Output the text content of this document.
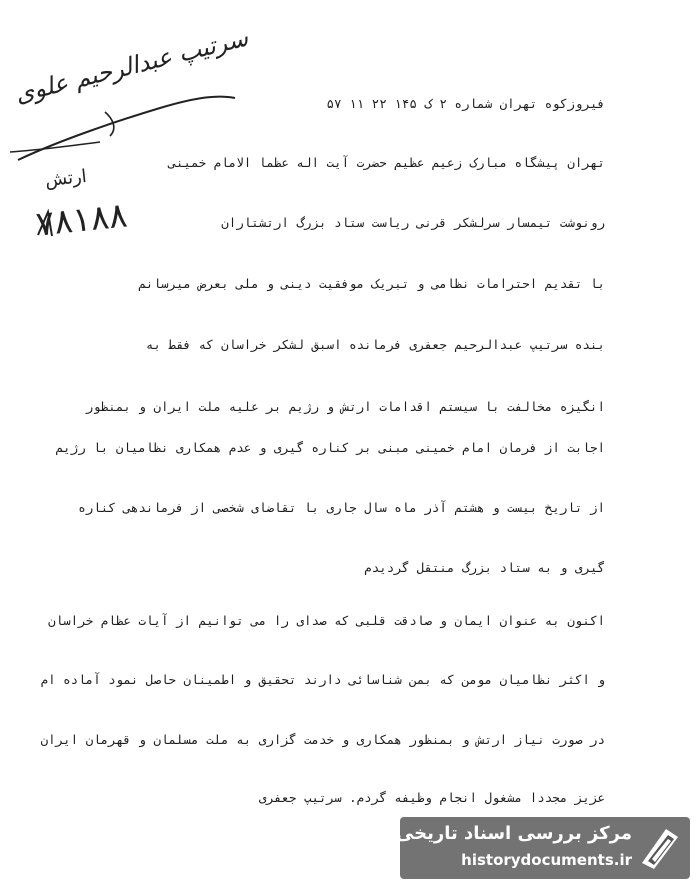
سرتیپ عبدالرحیم علوی
ارتش
۷۸۱۸۸
فیروزکوه تهران شماره ۲ ک ۱۴۵ ۲۲ ۱۱ ۵۷
تهران پیشگاه مبارک زعیم عظیم حضرت آیت اله عظما الامام خمینی
رونوشت تیمسار سرلشکر قرنی ریاست ستاد بزرگ ارتشتاران
با تقدیم احترامات نظامی و تبریک موفقیت دینی و ملی بعرض میرسانم
بنده سرتیپ عبدالرحیم جعفری فرمانده اسبق لشکر خراسان که فقط به
انگیزه مخالفت با سیستم اقدامات ارتش و رژیم بر علیه ملت ایران و بمنظور
اجابت از فرمان امام خمینی مبنی بر کناره گیری و عدم همکاری نظامیان با رژیم
از تاریخ بیست و هشتم آذر ماه سال جاری با تقاضای شخصی از فرماندهی کناره
گیری و به ستاد بزرگ منتقل گردیدم
اکنون به عنوان ایمان و صادقت قلبی که صدای را می توانیم از آیات عظام خراسان
و اکثر نظامیان مومن که بمن شناسائی دارند تحقیق و اطمینان حاصل نمود آماده ام
در صورت نیاز ارتش و بمنظور همکاری و خدمت گزاری به ملت مسلمان و قهرمان ایران
عزیز مجددا مشغول انجام وظیفه گردم. سرتیپ جعفری
مرکز بررسی اسناد تاریخی
historydocuments.ir
